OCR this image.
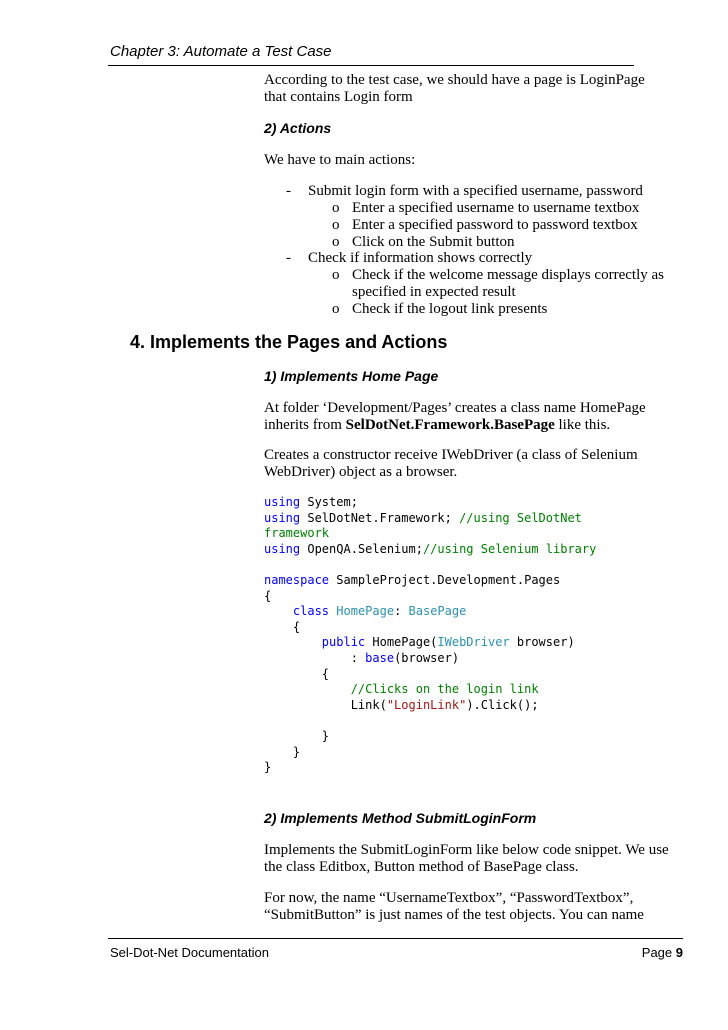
Chapter 3: Automate a Test Case
According to the test case, we should have a page is LoginPage
that contains Login form
2) Actions
We have to main actions:
- Submit login form with a specified username, password
o Enter a specified username to username textbox
o Enter a specified password to password textbox
o Click on the Submit button
- Check if information shows correctly
o Check if the welcome message displays correctly as
specified in expected result
o Check if the logout link presents
4. Implements the Pages and Actions
1) Implements Home Page
At folder ‘Development/Pages’ creates a class name HomePage
inherits from SelDotNet.Framework.BasePage like this.
Creates a constructor receive IWebDriver (a class of Selenium
WebDriver) object as a browser.
using System;
using SelDotNet.Framework; //using SelDotNet
framework
using OpenQA.Selenium;//using Selenium library

namespace SampleProject.Development.Pages
{
class HomePage: BasePage
{
public HomePage(IWebDriver browser)
: base(browser)
{
//Clicks on the login link
Link("LoginLink").Click();

}
}
}
2) Implements Method SubmitLoginForm
Implements the SubmitLoginForm like below code snippet. We use
the class Editbox, Button method of BasePage class.
For now, the name “UsernameTextbox”, “PasswordTextbox”,
“SubmitButton” is just names of the test objects. You can name
Sel-Dot-Net Documentation	Page 9
